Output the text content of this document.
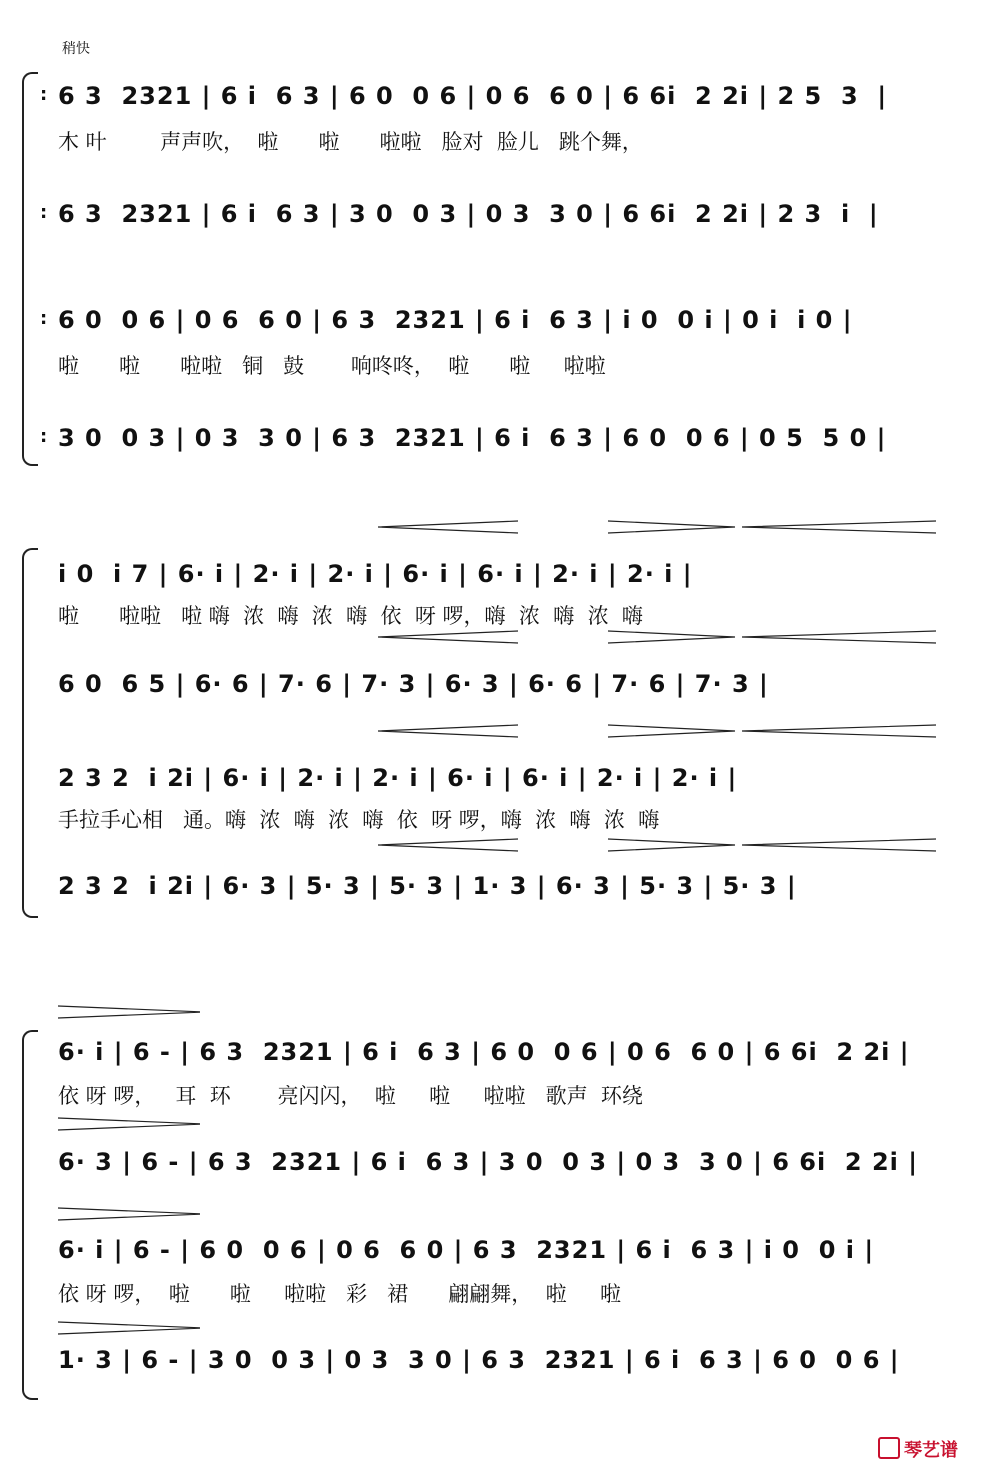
稍快
: 6 3  2321 | 6 i  6 3 | 6 0  0 6 | 0 6  6 0 | 6 6i  2 2i | 2 5  3  |
木 叶        声声吹，  啦      啦      啦啦   脸对  脸儿   跳个舞，
: 6 3  2321 | 6 i  6 3 | 3 0  0 3 | 0 3  3 0 | 6 6i  2 2i | 2 3  i  |
: 6 0  0 6 | 0 6  6 0 | 6 3  2321 | 6 i  6 3 | i 0  0 i | 0 i  i 0 |
啦      啦      啦啦   铜   鼓       响咚咚，  啦      啦     啦啦
: 3 0  0 3 | 0 3  3 0 | 6 3  2321 | 6 i  6 3 | 6 0  0 6 | 0 5  5 0 |
i 0  i 7 | 6· i | 2· i | 2· i | 6· i | 6· i | 2· i | 2· i |
啦      啦啦   啦 嗨  浓  嗨  浓  嗨  依  呀 啰，嗨  浓  嗨  浓  嗨
6 0  6 5 | 6· 6 | 7· 6 | 7· 3 | 6· 3 | 6· 6 | 7· 6 | 7· 3 |
2 3 2  i 2i | 6· i | 2· i | 2· i | 6· i | 6· i | 2· i | 2· i |
手拉手心相   通。嗨  浓  嗨  浓  嗨  依  呀 啰，嗨  浓  嗨  浓  嗨
2 3 2  i 2i | 6· 3 | 5· 3 | 5· 3 | 1· 3 | 6· 3 | 5· 3 | 5· 3 |
6· i | 6 - | 6 3  2321 | 6 i  6 3 | 6 0  0 6 | 0 6  6 0 | 6 6i  2 2i |
依 呀 啰，   耳  环       亮闪闪，  啦     啦     啦啦   歌声  环绕
6· 3 | 6 - | 6 3  2321 | 6 i  6 3 | 3 0  0 3 | 0 3  3 0 | 6 6i  2 2i |
6· i | 6 - | 6 0  0 6 | 0 6  6 0 | 6 3  2321 | 6 i  6 3 | i 0  0 i |
依 呀 啰，  啦      啦     啦啦   彩   裙      翩翩舞，  啦     啦
1· 3 | 6 - | 3 0  0 3 | 0 3  3 0 | 6 3  2321 | 6 i  6 3 | 6 0  0 6 |
琴艺谱
